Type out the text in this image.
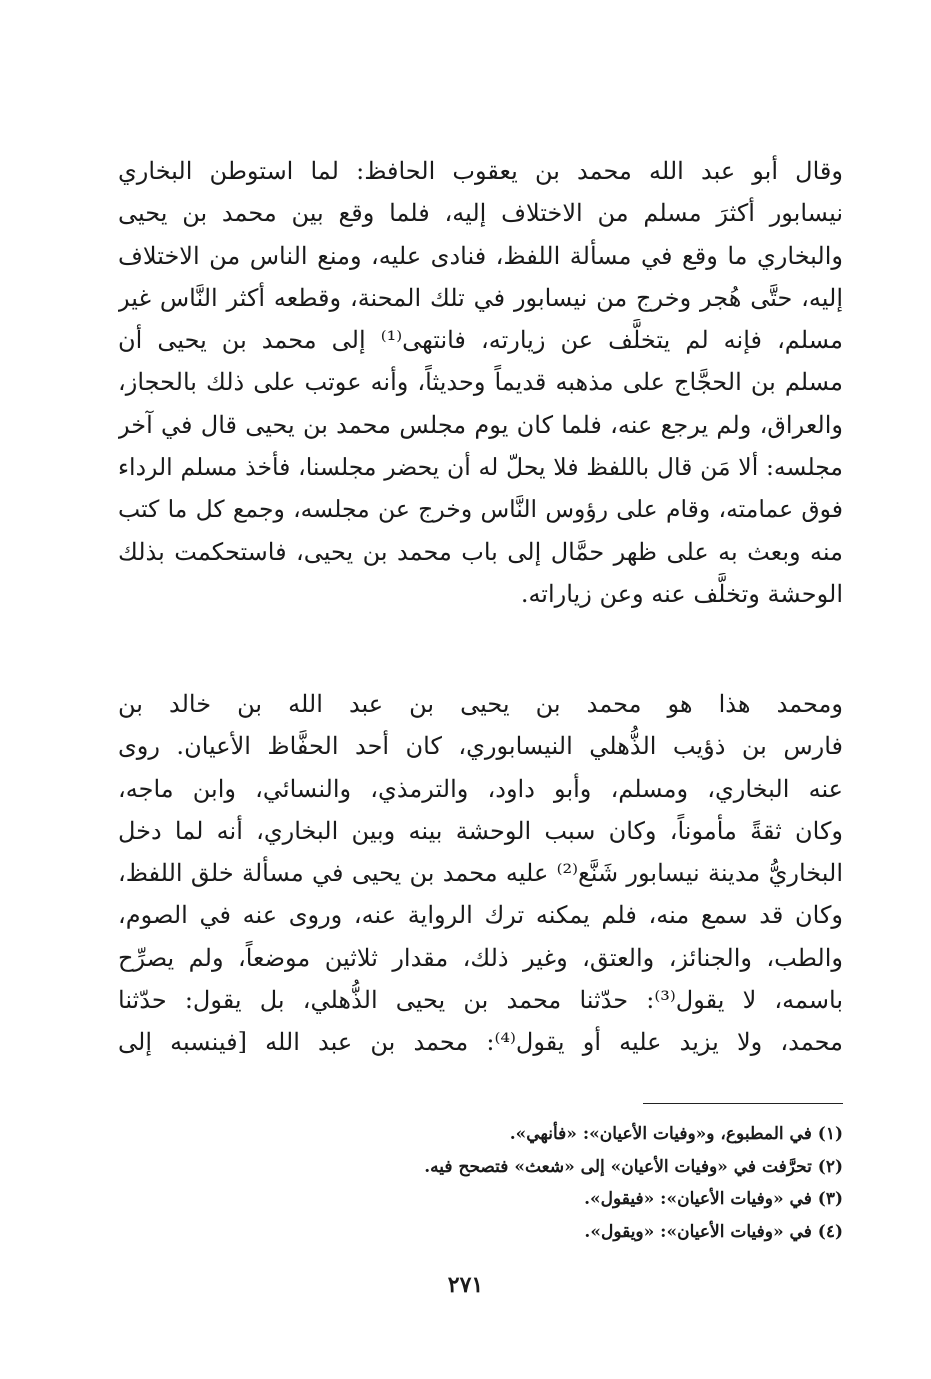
وقال أبو عبد الله محمد بن يعقوب الحافظ: لما استوطن البخاري
نيسابور أكثرَ مسلم من الاختلاف إليه، فلما وقع بين محمد بن يحيى
والبخاري ما وقع في مسألة اللفظ، فنادى عليه، ومنع الناس من الاختلاف
إليه، حتَّى هُجر وخرج من نيسابور في تلك المحنة، وقطعه أكثر النَّاس غير
مسلم، فإنه لم يتخلَّف عن زيارته، فانتهى⁽¹⁾ إلى محمد بن يحيى أن
مسلم بن الحجَّاج على مذهبه قديماً وحديثاً، وأنه عوتب على ذلك بالحجاز،
والعراق، ولم يرجع عنه، فلما كان يوم مجلس محمد بن يحيى قال في آخر
مجلسه: ألا مَن قال باللفظ فلا يحلّ له أن يحضر مجلسنا، فأخذ مسلم الرداء
فوق عمامته، وقام على رؤوس النَّاس وخرج عن مجلسه، وجمع كل ما كتب
منه وبعث به على ظهر حمَّال إلى باب محمد بن يحيى، فاستحكمت بذلك
الوحشة وتخلَّف عنه وعن زياراته.
ومحمد هذا هو محمد بن يحيى بن عبد الله بن خالد بن
فارس بن ذؤيب الذُّهلي النيسابوري، كان أحد الحفَّاظ الأعيان. روى
عنه البخاري، ومسلم، وأبو داود، والترمذي، والنسائي، وابن ماجه،
وكان ثقةً مأموناً، وكان سبب الوحشة بينه وبين البخاري، أنه لما دخل
البخاريُّ مدينة نيسابور شَنَّع⁽²⁾ عليه محمد بن يحيى في مسألة خلق اللفظ،
وكان قد سمع منه، فلم يمكنه ترك الرواية عنه، وروى عنه في الصوم،
والطب، والجنائز، والعتق، وغير ذلك، مقدار ثلاثين موضعاً، ولم يصرِّح
باسمه، لا يقول⁽³⁾: حدّثنا محمد بن يحيى الذُّهلي، بل يقول: حدّثنا
محمد، ولا يزيد عليه أو يقول⁽⁴⁾: محمد بن عبد الله [فينسبه إلى
(١) في المطبوع، و«وفيات الأعيان»: «فأنهي».
(٢) تحرَّفت في «وفيات الأعيان» إلى «شعث» فتصحح فيه.
(٣) في «وفيات الأعيان»: «فيقول».
(٤) في «وفيات الأعيان»: «ويقول».
٢٧١
